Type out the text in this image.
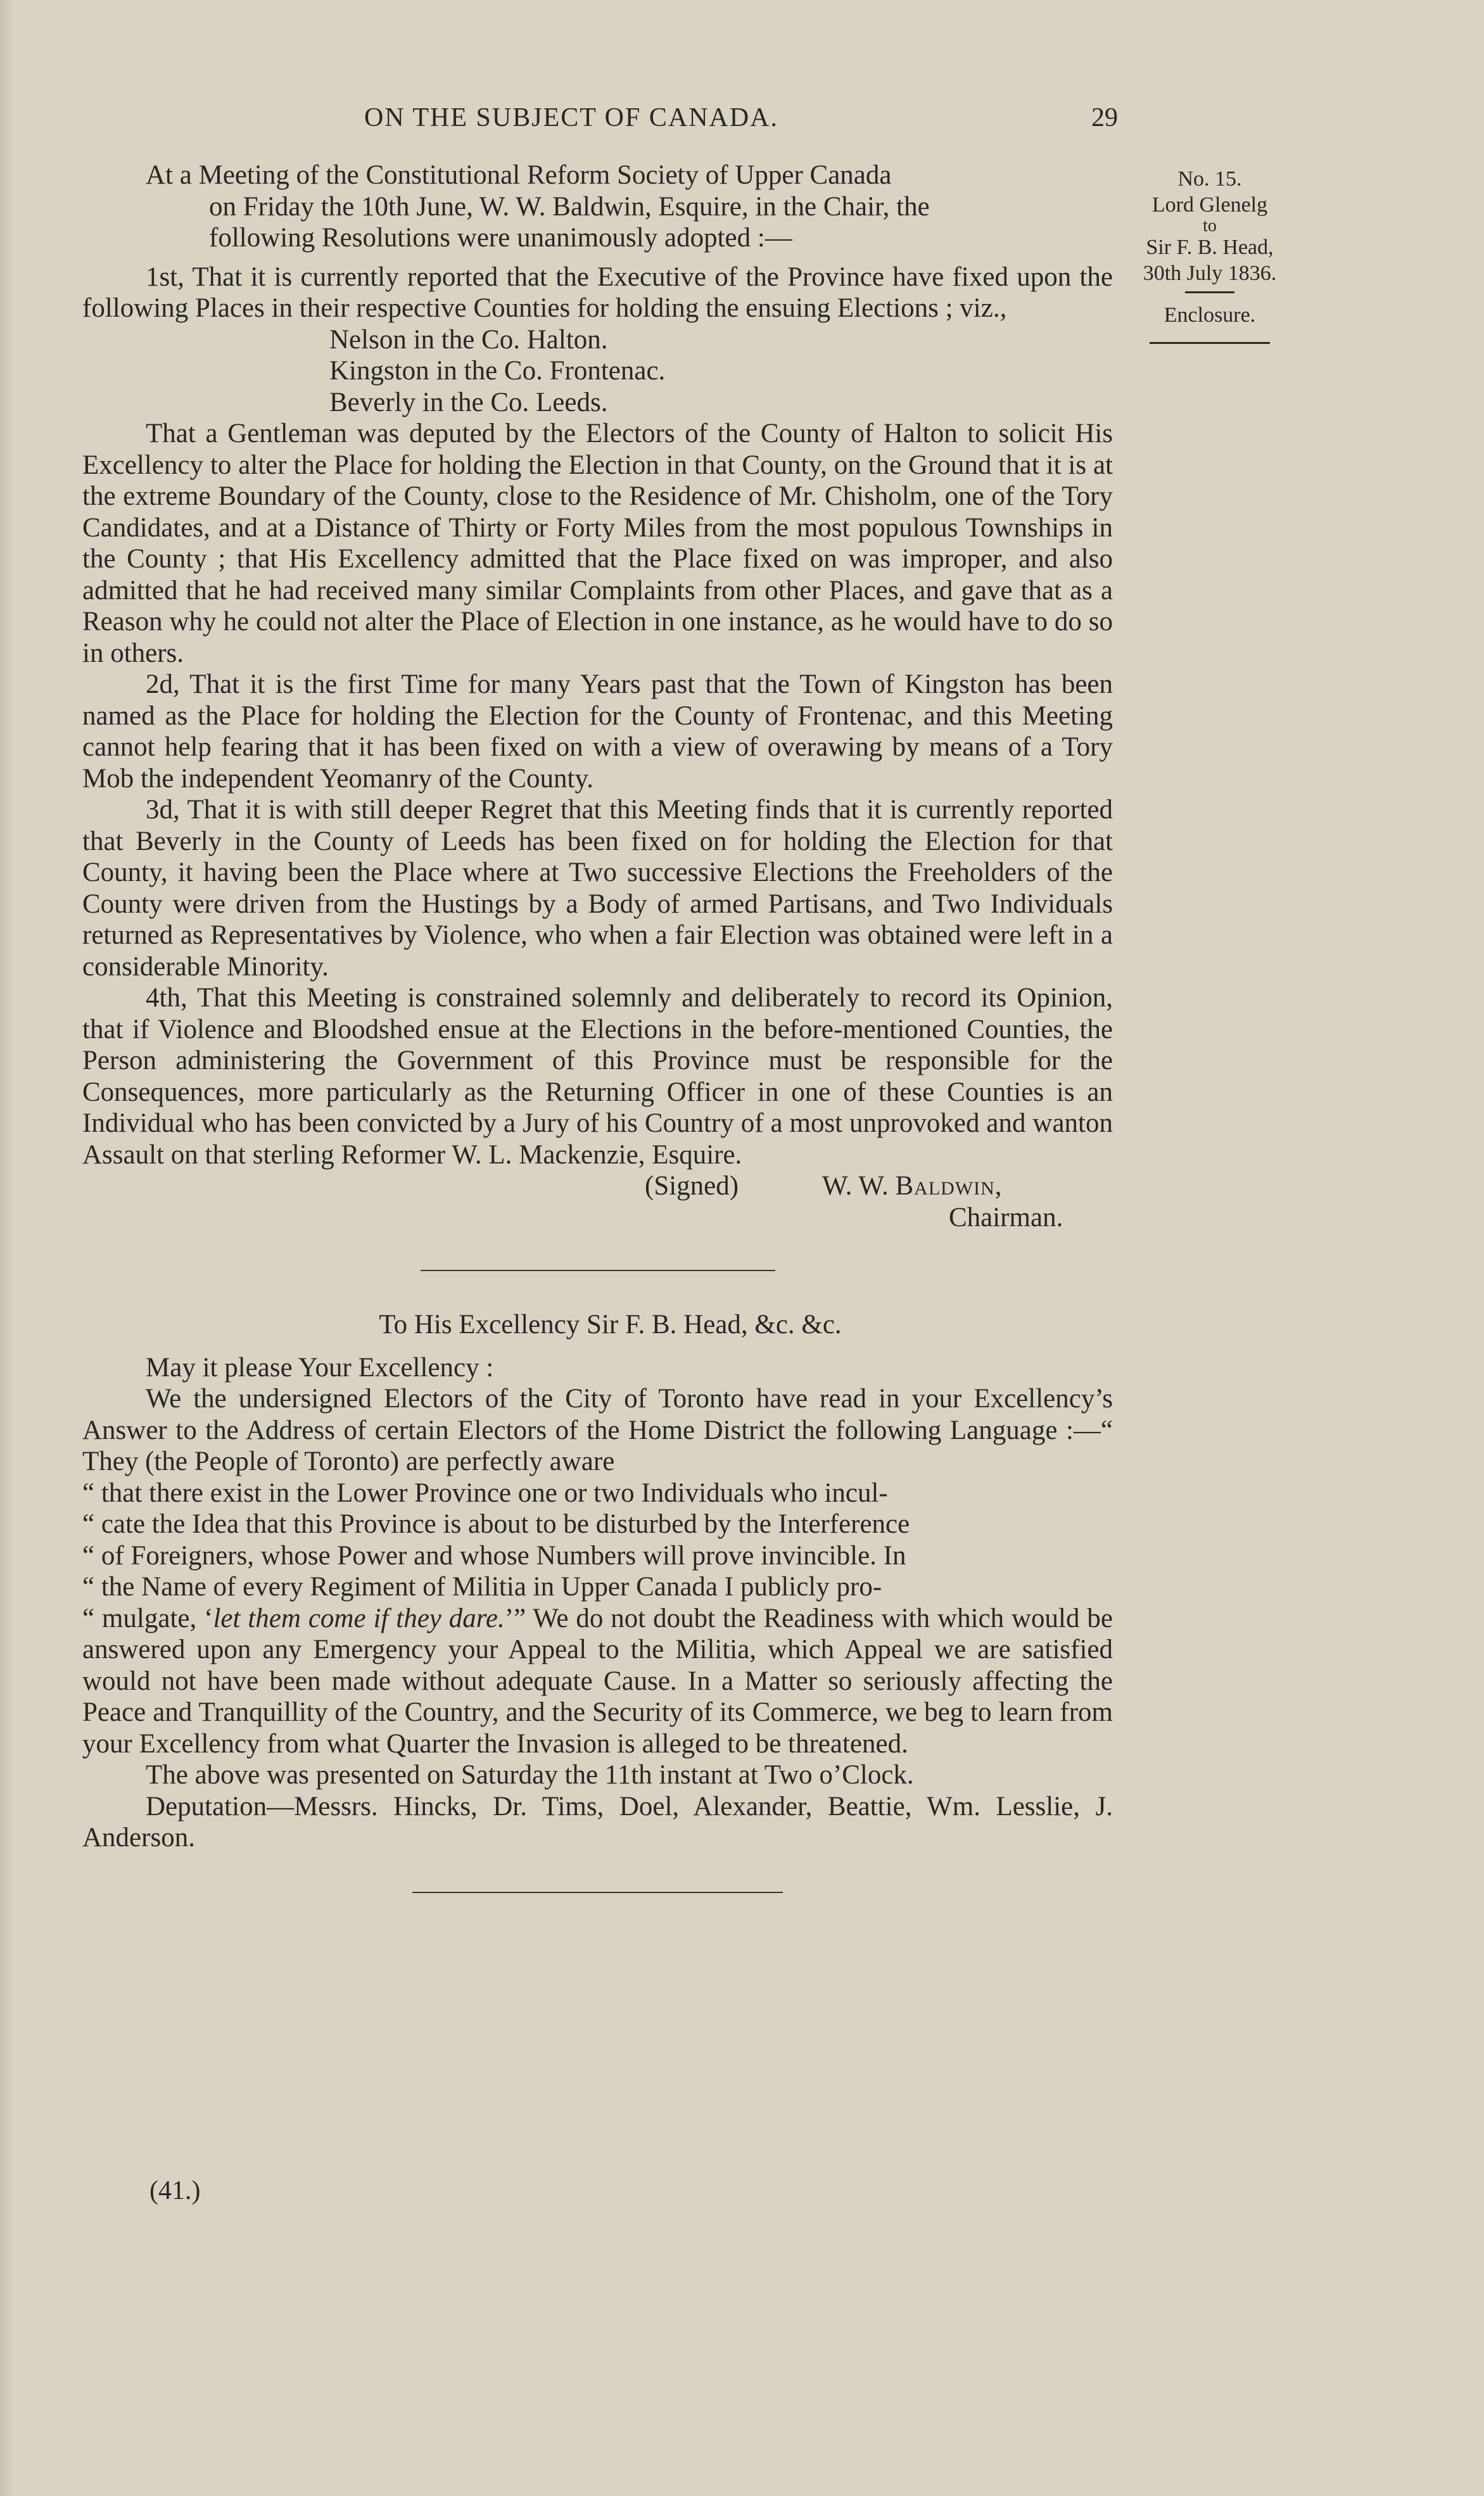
ON THE SUBJECT OF CANADA.	29
No. 15.
Lord Glenelg
to
Sir F. B. Head,
30th July 1836.
Enclosure.

At a Meeting of the Constitutional Reform Society of Upper Canada
on Friday the 10th June, W. W. Baldwin, Esquire, in the Chair, the
following Resolutions were unanimously adopted :—

1st, That it is currently reported that the Executive of the Province have fixed upon the following Places in their respective Counties for holding the ensuing Elections ; viz.,

Nelson in the Co. Halton.
Kingston in the Co. Frontenac.
Beverly in the Co. Leeds.

That a Gentleman was deputed by the Electors of the County of Halton to solicit His Excellency to alter the Place for holding the Election in that County, on the Ground that it is at the extreme Boundary of the County, close to the Residence of Mr. Chisholm, one of the Tory Candidates, and at a Distance of Thirty or Forty Miles from the most populous Townships in the County ; that His Excellency admitted that the Place fixed on was improper, and also admitted that he had received many similar Complaints from other Places, and gave that as a Reason why he could not alter the Place of Election in one instance, as he would have to do so in others.

2d, That it is the first Time for many Years past that the Town of Kingston has been named as the Place for holding the Election for the County of Frontenac, and this Meeting cannot help fearing that it has been fixed on with a view of overawing by means of a Tory Mob the independent Yeomanry of the County.

3d, That it is with still deeper Regret that this Meeting finds that it is currently reported that Beverly in the County of Leeds has been fixed on for holding the Election for that County, it having been the Place where at Two successive Elections the Freeholders of the County were driven from the Hustings by a Body of armed Partisans, and Two Individuals returned as Representatives by Violence, who when a fair Election was obtained were left in a considerable Minority.

4th, That this Meeting is constrained solemnly and deliberately to record its Opinion, that if Violence and Bloodshed ensue at the Elections in the before-mentioned Counties, the Person administering the Government of this Province must be responsible for the Consequences, more particularly as the Returning Officer in one of these Counties is an Individual who has been convicted by a Jury of his Country of a most unprovoked and wanton Assault on that sterling Reformer W. L. Mackenzie, Esquire.

(Signed)	W. W. Baldwin,
Chairman.

To His Excellency Sir F. B. Head, &c. &c.

May it please Your Excellency :

We the undersigned Electors of the City of Toronto have read in your Excellency’s Answer to the Address of certain Electors of the Home District the following Language :—“ They (the People of Toronto) are perfectly aware

“ that there exist in the Lower Province one or two Individuals who incul-

“ cate the Idea that this Province is about to be disturbed by the Interference

“ of Foreigners, whose Power and whose Numbers will prove invincible. In

“ the Name of every Regiment of Militia in Upper Canada I publicly pro-

“ mulgate, ‘let them come if they dare.’” We do not doubt the Readiness with which would be answered upon any Emergency your Appeal to the Militia, which Appeal we are satisfied would not have been made without adequate Cause. In a Matter so seriously affecting the Peace and Tranquillity of the Country, and the Security of its Commerce, we beg to learn from your Excellency from what Quarter the Invasion is alleged to be threatened.

The above was presented on Saturday the 11th instant at Two o’Clock.

Deputation—Messrs. Hincks, Dr. Tims, Doel, Alexander, Beattie, Wm. Lesslie, J. Anderson.

(41.)
